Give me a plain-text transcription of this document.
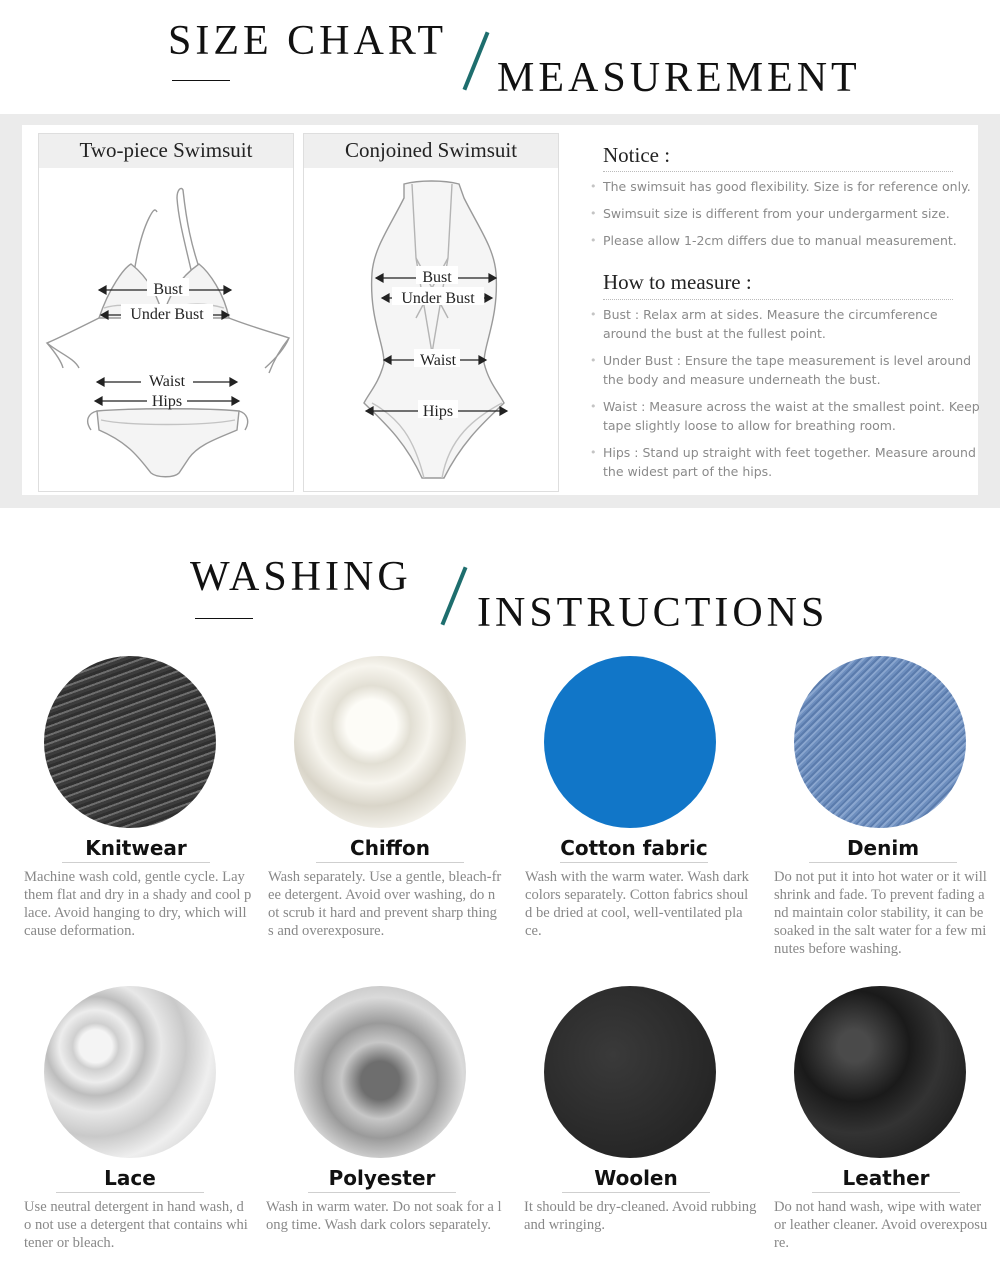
SIZE CHART
MEASUREMENT
Two-piece Swimsuit
Bust
Under Bust
Waist
Hips
Conjoined Swimsuit
Bust
Under Bust
Waist
Hips
Notice :
• The swimsuit has good flexibility. Size is for reference only.
• Swimsuit size is different from your undergarment size.
• Please allow 1-2cm differs due to manual measurement.
How to measure :
• Bust : Relax arm at sides. Measure the circumference around the bust at the fullest point.
• Under Bust : Ensure the tape measurement is level around the body and measure underneath the bust.
• Waist : Measure across the waist at the smallest point. Keep tape slightly loose to allow for breathing room.
• Hips : Stand up straight with feet together. Measure around the widest part of the hips.
WASHING
INSTRUCTIONS
Knitwear
Machine wash cold, gentle cycle. Lay them flat and dry in a shady and cool place. Avoid hanging to dry, which will cause deformation.
Chiffon
Wash separately. Use a gentle, bleach-free detergent. Avoid over washing, do not scrub it hard and prevent sharp things and overexposure.
Cotton fabric
Wash with the warm water. Wash dark colors separately. Cotton fabrics should be dried at cool, well-ventilated place.
Denim
Do not put it into hot water or it will shrink and fade. To prevent fading and maintain color stability, it can be soaked in the salt water for a few minutes before washing.
Lace
Use neutral detergent in hand wash, do not use a detergent that contains whitener or bleach.
Polyester
Wash in warm water. Do not soak for a long time. Wash dark colors separately.
Woolen
It should be dry-cleaned. Avoid rubbing and wringing.
Leather
Do not hand wash, wipe with water or leather cleaner. Avoid overexposure.
